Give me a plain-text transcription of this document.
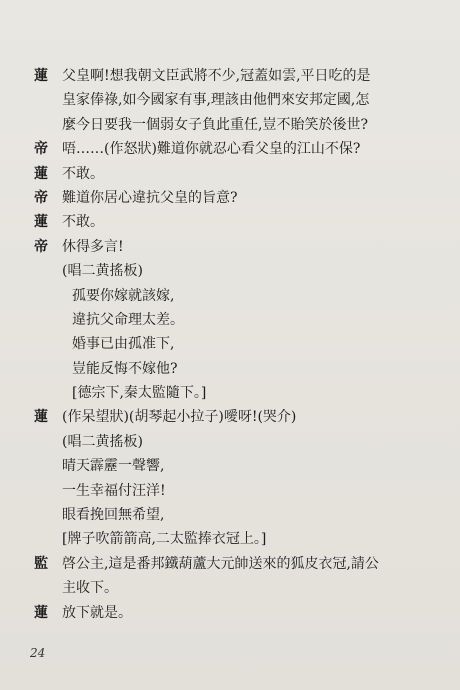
蓮	父皇啊!想我朝文臣武將不少,冠蓋如雲,平日吃的是
皇家俸祿,如今國家有事,理該由他們來安邦定國,怎
麼今日要我一個弱女子負此重任,豈不貽笑於後世?
帝	唔……(作怒狀)難道你就忍心看父皇的江山不保?
蓮	不敢。
帝	難道你居心違抗父皇的旨意?
蓮	不敢。
帝	休得多言!
(唱二黄搖板)
孤要你嫁就該嫁,
違抗父命理太差。
婚事已由孤准下,
豈能反悔不嫁他?
[德宗下,秦太監隨下。]
蓮	(作呆望狀)(胡琴起小拉子)噯呀!(哭介)
(唱二黄搖板)
晴天霹靂一聲響,
一生幸福付汪洋!
眼看挽回無希望,
[牌子吹箭箭高,二太監捧衣冠上。]
監	啓公主,這是番邦鐵葫蘆大元帥送來的狐皮衣冠,請公
主收下。
蓮	放下就是。
24
